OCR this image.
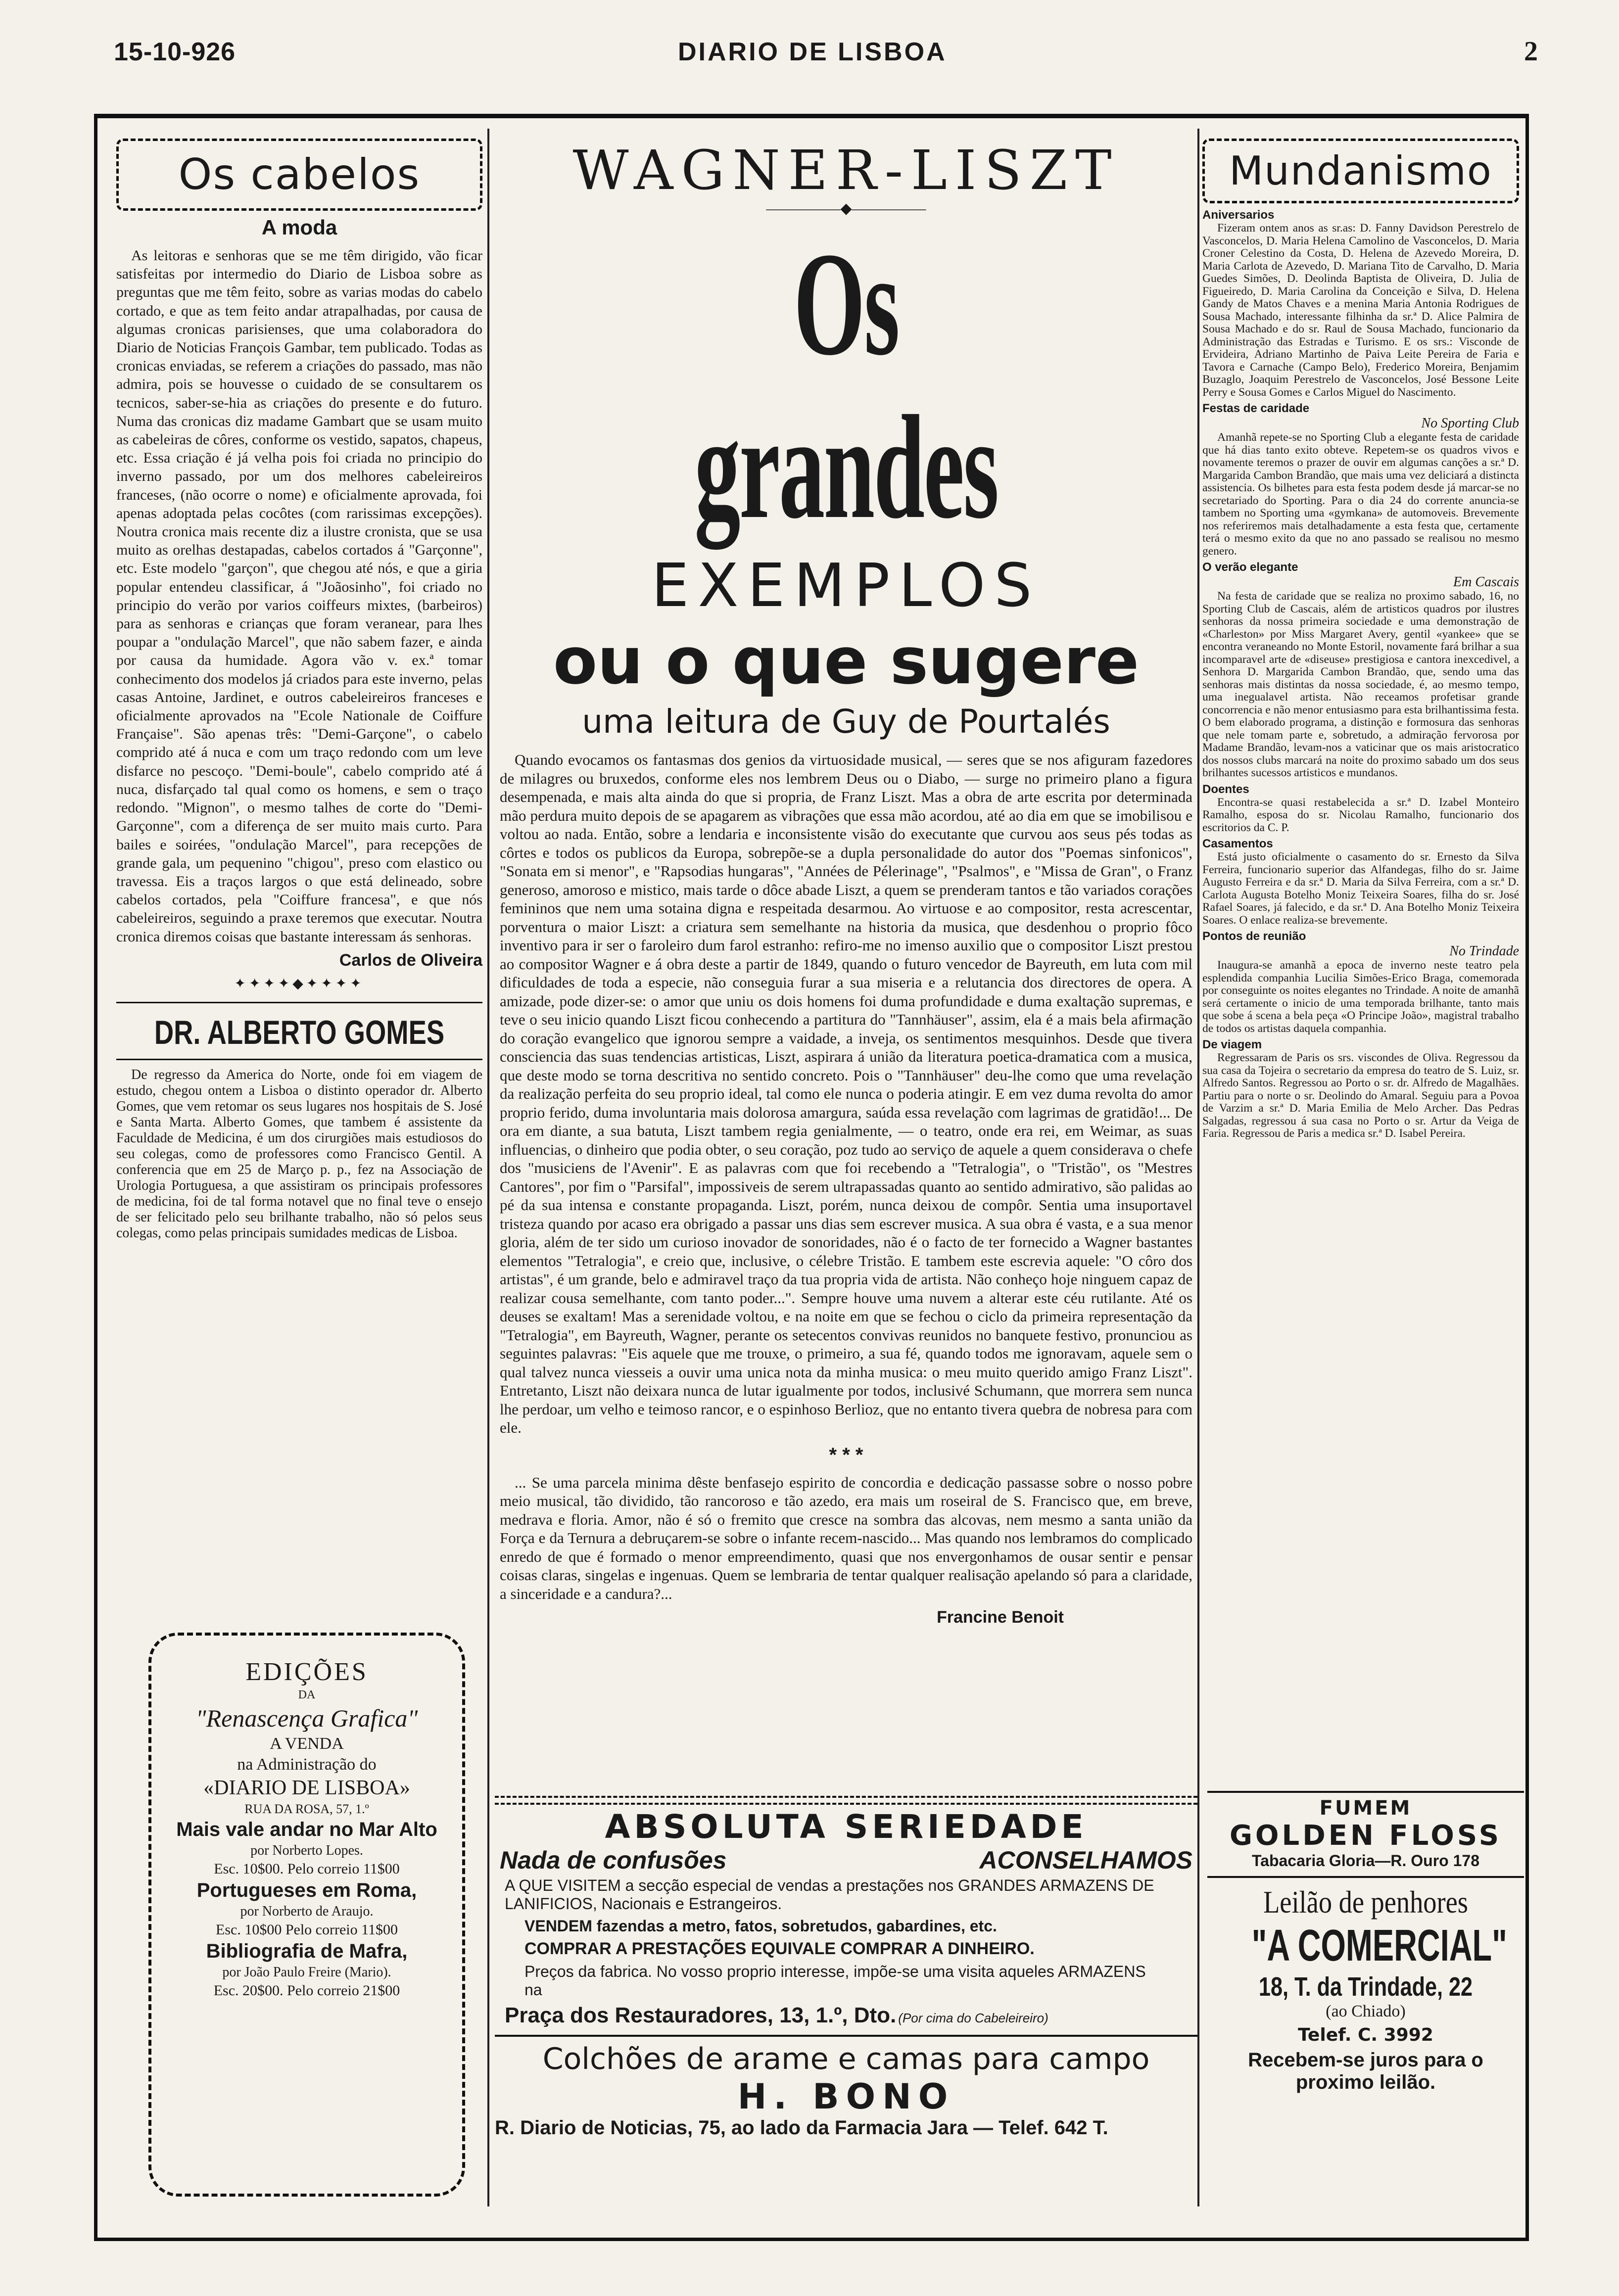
15-10-926	DIARIO DE LISBOA	2
Os cabelos
A moda

As leitoras e senhoras que se me têm dirigido, vão ficar satisfeitas por intermedio do Diario de Lisboa sobre as preguntas que me têm feito, sobre as varias modas do cabelo cortado, e que as tem feito andar atrapalhadas, por causa de algumas cronicas parisienses, que uma colaboradora do Diario de Noticias François Gambar, tem publicado. Todas as cronicas enviadas, se referem a criações do passado, mas não admira, pois se houvesse o cuidado de se consultarem os tecnicos, saber-se-hia as criações do presente e do futuro. Numa das cronicas diz madame Gambart que se usam muito as cabeleiras de côres, conforme os vestido, sapatos, chapeus, etc. Essa criação é já velha pois foi criada no principio do inverno passado, por um dos melhores cabeleireiros franceses, (não ocorre o nome) e oficialmente aprovada, foi apenas adoptada pelas cocôtes (com rarissimas excepções). Noutra cronica mais recente diz a ilustre cronista, que se usa muito as orelhas destapadas, cabelos cortados á "Garçonne", etc. Este modelo "garçon", que chegou até nós, e que a giria popular entendeu classificar, á "Joãosinho", foi criado no principio do verão por varios coiffeurs mixtes, (barbeiros) para as senhoras e crianças que foram veranear, para lhes poupar a "ondulação Marcel", que não sabem fazer, e ainda por causa da humidade. Agora vão v. ex.ª tomar conhecimento dos modelos já criados para este inverno, pelas casas Antoine, Jardinet, e outros cabeleireiros franceses e oficialmente aprovados na "Ecole Nationale de Coiffure Française". São apenas três: "Demi-Garçone", o cabelo comprido até á nuca e com um traço redondo com um leve disfarce no pescoço. "Demi-boule", cabelo comprido até á nuca, disfarçado tal qual como os homens, e sem o traço redondo. "Mignon", o mesmo talhes de corte do "Demi-Garçonne", com a diferença de ser muito mais curto. Para bailes e soirées, "ondulação Marcel", para recepções de grande gala, um pequenino "chigou", preso com elastico ou travessa. Eis a traços largos o que está delineado, sobre cabelos cortados, pela "Coiffure francesa", e que nós cabeleireiros, seguindo a praxe teremos que executar. Noutra cronica diremos coisas que bastante interessam ás senhoras.

Carlos de Oliveira
✦✦✦✦◆✦✦✦✦
DR. ALBERTO GOMES

De regresso da America do Norte, onde foi em viagem de estudo, chegou ontem a Lisboa o distinto operador dr. Alberto Gomes, que vem retomar os seus lugares nos hospitais de S. José e Santa Marta. Alberto Gomes, que tambem é assistente da Faculdade de Medicina, é um dos cirurgiões mais estudiosos do seu colegas, como de professores como Francisco Gentil. A conferencia que em 25 de Março p. p., fez na Associação de Urologia Portuguesa, a que assistiram os principais professores de medicina, foi de tal forma notavel que no final teve o ensejo de ser felicitado pelo seu brilhante trabalho, não só pelos seus colegas, como pelas principais sumidades medicas de Lisboa.

EDIÇÕES
DA
"Renascença Grafica"
A VENDA
na Administração do
«DIARIO DE LISBOA»
RUA DA ROSA, 57, 1.º
Mais vale andar no Mar Alto
por Norberto Lopes.
Esc. 10$00. Pelo correio 11$00
Portugueses em Roma,
por Norberto de Araujo.
Esc. 10$00 Pelo correio 11$00
Bibliografia de Mafra,
por João Paulo Freire (Mario).
Esc. 20$00. Pelo correio 21$00
WAGNER-LISZT
—————◆—————
Os grandes
EXEMPLOS
ou o que sugere
uma leitura de Guy de Pourtalés

Quando evocamos os fantasmas dos genios da virtuosidade musical, — seres que se nos afiguram fazedores de milagres ou bruxedos, conforme eles nos lembrem Deus ou o Diabo, — surge no primeiro plano a figura desempenada, e mais alta ainda do que si propria, de Franz Liszt. Mas a obra de arte escrita por determinada mão perdura muito depois de se apagarem as vibrações que essa mão acordou, até ao dia em que se imobilisou e voltou ao nada. Então, sobre a lendaria e inconsistente visão do executante que curvou aos seus pés todas as côrtes e todos os publicos da Europa, sobrepõe-se a dupla personalidade do autor dos "Poemas sinfonicos", "Sonata em si menor", e "Rapsodias hungaras", "Années de Pélerinage", "Psalmos", e "Missa de Gran", o Franz generoso, amoroso e mistico, mais tarde o dôce abade Liszt, a quem se prenderam tantos e tão variados corações femininos que nem uma sotaina digna e respeitada desarmou. Ao virtuose e ao compositor, resta acrescentar, porventura o maior Liszt: a criatura sem semelhante na historia da musica, que desdenhou o proprio fôco inventivo para ir ser o faroleiro dum farol estranho: refiro-me no imenso auxilio que o compositor Liszt prestou ao compositor Wagner e á obra deste a partir de 1849, quando o futuro vencedor de Bayreuth, em luta com mil dificuldades de toda a especie, não conseguia furar a sua miseria e a relutancia dos directores de opera. A amizade, pode dizer-se: o amor que uniu os dois homens foi duma profundidade e duma exaltação supremas, e teve o seu inicio quando Liszt ficou conhecendo a partitura do "Tannhäuser", assim, ela é a mais bela afirmação do coração evangelico que ignorou sempre a vaidade, a inveja, os sentimentos mesquinhos. Desde que tivera consciencia das suas tendencias artisticas, Liszt, aspirara á união da literatura poetica-dramatica com a musica, que deste modo se torna descritiva no sentido concreto. Pois o "Tannhäuser" deu-lhe como que uma revelação da realização perfeita do seu proprio ideal, tal como ele nunca o poderia atingir. E em vez duma revolta do amor proprio ferido, duma involuntaria mais dolorosa amargura, saúda essa revelação com lagrimas de gratidão!... De ora em diante, a sua batuta, Liszt tambem regia genialmente, — o teatro, onde era rei, em Weimar, as suas influencias, o dinheiro que podia obter, o seu coração, poz tudo ao serviço de aquele a quem considerava o chefe dos "musiciens de l'Avenir". E as palavras com que foi recebendo a "Tetralogia", o "Tristão", os "Mestres Cantores", por fim o "Parsifal", impossiveis de serem ultrapassadas quanto ao sentido admirativo, são palidas ao pé da sua intensa e constante propaganda. Liszt, porém, nunca deixou de compôr. Sentia uma insuportavel tristeza quando por acaso era obrigado a passar uns dias sem escrever musica. A sua obra é vasta, e a sua menor gloria, além de ter sido um curioso inovador de sonoridades, não é o facto de ter fornecido a Wagner bastantes elementos "Tetralogia", e creio que, inclusive, o célebre Tristão. E tambem este escrevia aquele: "O côro dos artistas", é um grande, belo e admiravel traço da tua propria vida de artista. Não conheço hoje ninguem capaz de realizar cousa semelhante, com tanto poder...". Sempre houve uma nuvem a alterar este céu rutilante. Até os deuses se exaltam! Mas a serenidade voltou, e na noite em que se fechou o ciclo da primeira representação da "Tetralogia", em Bayreuth, Wagner, perante os setecentos convivas reunidos no banquete festivo, pronunciou as seguintes palavras: "Eis aquele que me trouxe, o primeiro, a sua fé, quando todos me ignoravam, aquele sem o qual talvez nunca viesseis a ouvir uma unica nota da minha musica: o meu muito querido amigo Franz Liszt". Entretanto, Liszt não deixara nunca de lutar igualmente por todos, inclusivé Schumann, que morrera sem nunca lhe perdoar, um velho e teimoso rancor, e o espinhoso Berlioz, que no entanto tivera quebra de nobresa para com ele.

* * *

... Se uma parcela minima dêste benfasejo espirito de concordia e dedicação passasse sobre o nosso pobre meio musical, tão dividido, tão rancoroso e tão azedo, era mais um roseiral de S. Francisco que, em breve, medrava e floria. Amor, não é só o fremito que cresce na sombra das alcovas, nem mesmo a santa união da Força e da Ternura a debruçarem-se sobre o infante recem-nascido... Mas quando nos lembramos do complicado enredo de que é formado o menor empreendimento, quasi que nos envergonhamos de ousar sentir e pensar coisas claras, singelas e ingenuas. Quem se lembraria de tentar qualquer realisação apelando só para a claridade, a sinceridade e a candura?...

Francine Benoit
ABSOLUTA SERIEDADE
Nada de confusões	ACONSELHAMOS
A QUE VISITEM a secção especial de vendas a prestações nos GRANDES ARMAZENS DE LANIFICIOS, Nacionais e Estrangeiros.
VENDEM fazendas a metro, fatos, sobretudos, gabardines, etc.
COMPRAR A PRESTAÇÕES EQUIVALE COMPRAR A DINHEIRO.
Preços da fabrica. No vosso proprio interesse, impõe-se uma visita aqueles ARMAZENS na
Praça dos Restauradores, 13, 1.º, Dto. (Por cima do Cabeleireiro)
Colchões de arame e camas para campo
H. BONO
R. Diario de Noticias, 75, ao lado da Farmacia Jara — Telef. 642 T.
Mundanismo
Aniversarios

Fizeram ontem anos as sr.as: D. Fanny Davidson Perestrelo de Vasconcelos, D. Maria Helena Camolino de Vasconcelos, D. Maria Croner Celestino da Costa, D. Helena de Azevedo Moreira, D. Maria Carlota de Azevedo, D. Mariana Tito de Carvalho, D. Maria Guedes Simões, D. Deolinda Baptista de Oliveira, D. Julia de Figueiredo, D. Maria Carolina da Conceição e Silva, D. Helena Gandy de Matos Chaves e a menina Maria Antonia Rodrigues de Sousa Machado, interessante filhinha da sr.ª D. Alice Palmira de Sousa Machado e do sr. Raul de Sousa Machado, funcionario da Administração das Estradas e Turismo. E os srs.: Visconde de Ervideira, Adriano Martinho de Paiva Leite Pereira de Faria e Tavora e Carnache (Campo Belo), Frederico Moreira, Benjamim Buzaglo, Joaquim Perestrelo de Vasconcelos, José Bessone Leite Perry e Sousa Gomes e Carlos Miguel do Nascimento.

Festas de caridade
No Sporting Club

Amanhã repete-se no Sporting Club a elegante festa de caridade que há dias tanto exito obteve. Repetem-se os quadros vivos e novamente teremos o prazer de ouvir em algumas canções a sr.ª D. Margarida Cambon Brandão, que mais uma vez deliciará a distincta assistencia. Os bilhetes para esta festa podem desde já marcar-se no secretariado do Sporting. Para o dia 24 do corrente anuncia-se tambem no Sporting uma «gymkana» de automoveis. Brevemente nos referiremos mais detalhadamente a esta festa que, certamente terá o mesmo exito da que no ano passado se realisou no mesmo genero.

O verão elegante
Em Cascais

Na festa de caridade que se realiza no proximo sabado, 16, no Sporting Club de Cascais, além de artisticos quadros por ilustres senhoras da nossa primeira sociedade e uma demonstração de «Charleston» por Miss Margaret Avery, gentil «yankee» que se encontra veraneando no Monte Estoril, novamente fará brilhar a sua incomparavel arte de «diseuse» prestigiosa e cantora inexcedivel, a Senhora D. Margarida Cambon Brandão, que, sendo uma das senhoras mais distintas da nossa sociedade, é, ao mesmo tempo, uma inegualavel artista. Não receamos profetisar grande concorrencia e não menor entusiasmo para esta brilhantissima festa. O bem elaborado programa, a distinção e formosura das senhoras que nele tomam parte e, sobretudo, a admiração fervorosa por Madame Brandão, levam-nos a vaticinar que os mais aristocratico dos nossos clubs marcará na noite do proximo sabado um dos seus brilhantes sucessos artisticos e mundanos.

Doentes

Encontra-se quasi restabelecida a sr.ª D. Izabel Monteiro Ramalho, esposa do sr. Nicolau Ramalho, funcionario dos escritorios da C. P.

Casamentos

Está justo oficialmente o casamento do sr. Ernesto da Silva Ferreira, funcionario superior das Alfandegas, filho do sr. Jaime Augusto Ferreira e da sr.ª D. Maria da Silva Ferreira, com a sr.ª D. Carlota Augusta Botelho Moniz Teixeira Soares, filha do sr. José Rafael Soares, já falecido, e da sr.ª D. Ana Botelho Moniz Teixeira Soares. O enlace realiza-se brevemente.

Pontos de reunião
No Trindade

Inaugura-se amanhã a epoca de inverno neste teatro pela esplendida companhia Lucilia Simões-Erico Braga, comemorada por conseguinte os noites elegantes no Trindade. A noite de amanhã será certamente o inicio de uma temporada brilhante, tanto mais que sobe á scena a bela peça «O Principe João», magistral trabalho de todos os artistas daquela companhia.

De viagem

Regressaram de Paris os srs. viscondes de Oliva. Regressou da sua casa da Tojeira o secretario da empresa do teatro de S. Luiz, sr. Alfredo Santos. Regressou ao Porto o sr. dr. Alfredo de Magalhães. Partiu para o norte o sr. Deolindo do Amaral. Seguiu para a Povoa de Varzim a sr.ª D. Maria Emilia de Melo Archer. Das Pedras Salgadas, regressou á sua casa no Porto o sr. Artur da Veiga de Faria. Regressou de Paris a medica sr.ª D. Isabel Pereira.

FUMEM
GOLDEN FLOSS
Tabacaria Gloria—R. Ouro 178
Leilão de penhores
"A COMERCIAL"
18, T. da Trindade, 22
(ao Chiado)
Telef. C. 3992
Recebem-se juros para o proximo leilão.
